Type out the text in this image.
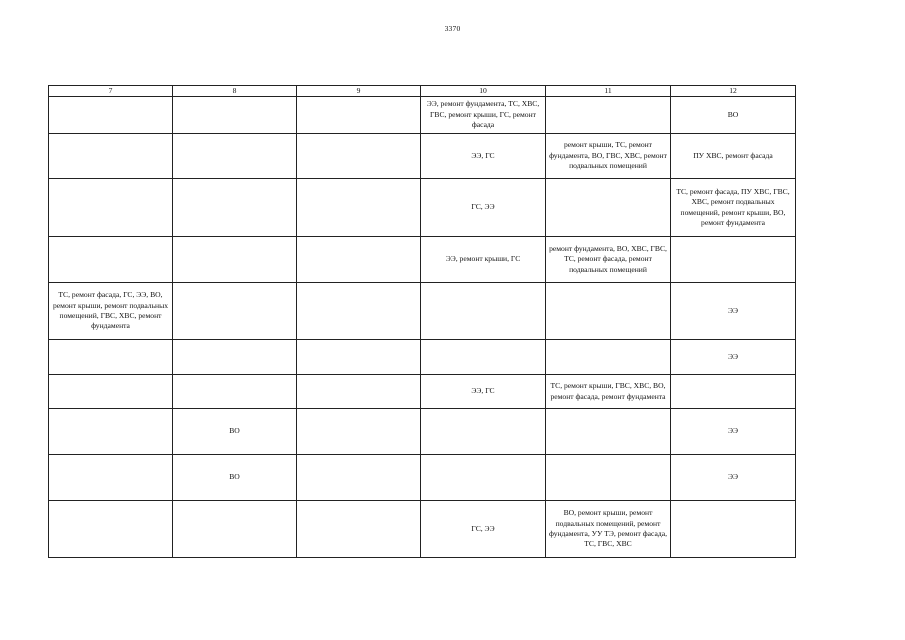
3370
7	8	9	10	11	12
			ЭЭ, ремонт фундамента, ТС, ХВС, ГВС, ремонт крыши, ГС, ремонт фасада		ВО
			ЭЭ, ГС	ремонт крыши, ТС, ремонт фундамента, ВО, ГВС, ХВС, ремонт подвальных помещений	ПУ ХВС, ремонт фасада
			ГС, ЭЭ		ТС, ремонт фасада, ПУ ХВС, ГВС, ХВС, ремонт подвальных помещений, ремонт крыши, ВО, ремонт фундамента
			ЭЭ, ремонт крыши, ГС	ремонт фундамента, ВО, ХВС, ГВС, ТС, ремонт фасада, ремонт подвальных помещений	
ТС, ремонт фасада, ГС, ЭЭ, ВО, ремонт крыши, ремонт подвальных помещений, ГВС, ХВС, ремонт фундамента					ЭЭ
					ЭЭ
			ЭЭ, ГС	ТС, ремонт крыши, ГВС, ХВС, ВО, ремонт фасада, ремонт фундамента	
	ВО				ЭЭ
	ВО				ЭЭ
			ГС, ЭЭ	ВО, ремонт крыши, ремонт подвальных помещений, ремонт фундамента, УУ ТЭ, ремонт фасада, ТС, ГВС, ХВС	
